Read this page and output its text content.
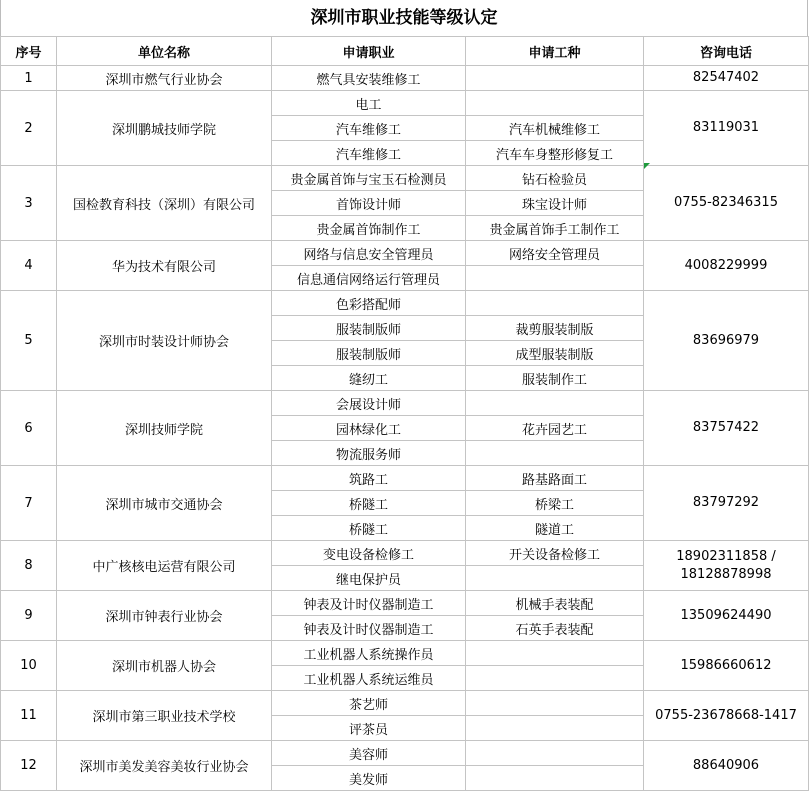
深圳市职业技能等级认定
序号	单位名称	申请职业	申请工种	咨询电话
1	深圳市燃气行业协会	燃气具安装维修工		82547402
2	深圳鹏城技师学院	电工		83119031
		汽车维修工	汽车机械维修工	
		汽车维修工	汽车车身整形修复工	
3	国检教育科技（深圳）有限公司	贵金属首饰与宝玉石检测员	钻石检验员	0755-82346315
		首饰设计师	珠宝设计师	
		贵金属首饰制作工	贵金属首饰手工制作工	
4	华为技术有限公司	网络与信息安全管理员	网络安全管理员	4008229999
		信息通信网络运行管理员		
5	深圳市时装设计师协会	色彩搭配师		83696979
		服装制版师	裁剪服装制版	
		服装制版师	成型服装制版	
		缝纫工	服装制作工	
6	深圳技师学院	会展设计师		83757422
		园林绿化工	花卉园艺工	
		物流服务师		
7	深圳市城市交通协会	筑路工	路基路面工	83797292
		桥隧工	桥梁工	
		桥隧工	隧道工	
8	中广核核电运营有限公司	变电设备检修工	开关设备检修工	18902311858 / 18128878998
		继电保护员		
9	深圳市钟表行业协会	钟表及计时仪器制造工	机械手表装配	13509624490
		钟表及计时仪器制造工	石英手表装配	
10	深圳市机器人协会	工业机器人系统操作员		15986660612
		工业机器人系统运维员		
11	深圳市第三职业技术学校	茶艺师		0755-23678668-1417
		评茶员		
12	深圳市美发美容美妆行业协会	美容师		88640906
		美发师		
